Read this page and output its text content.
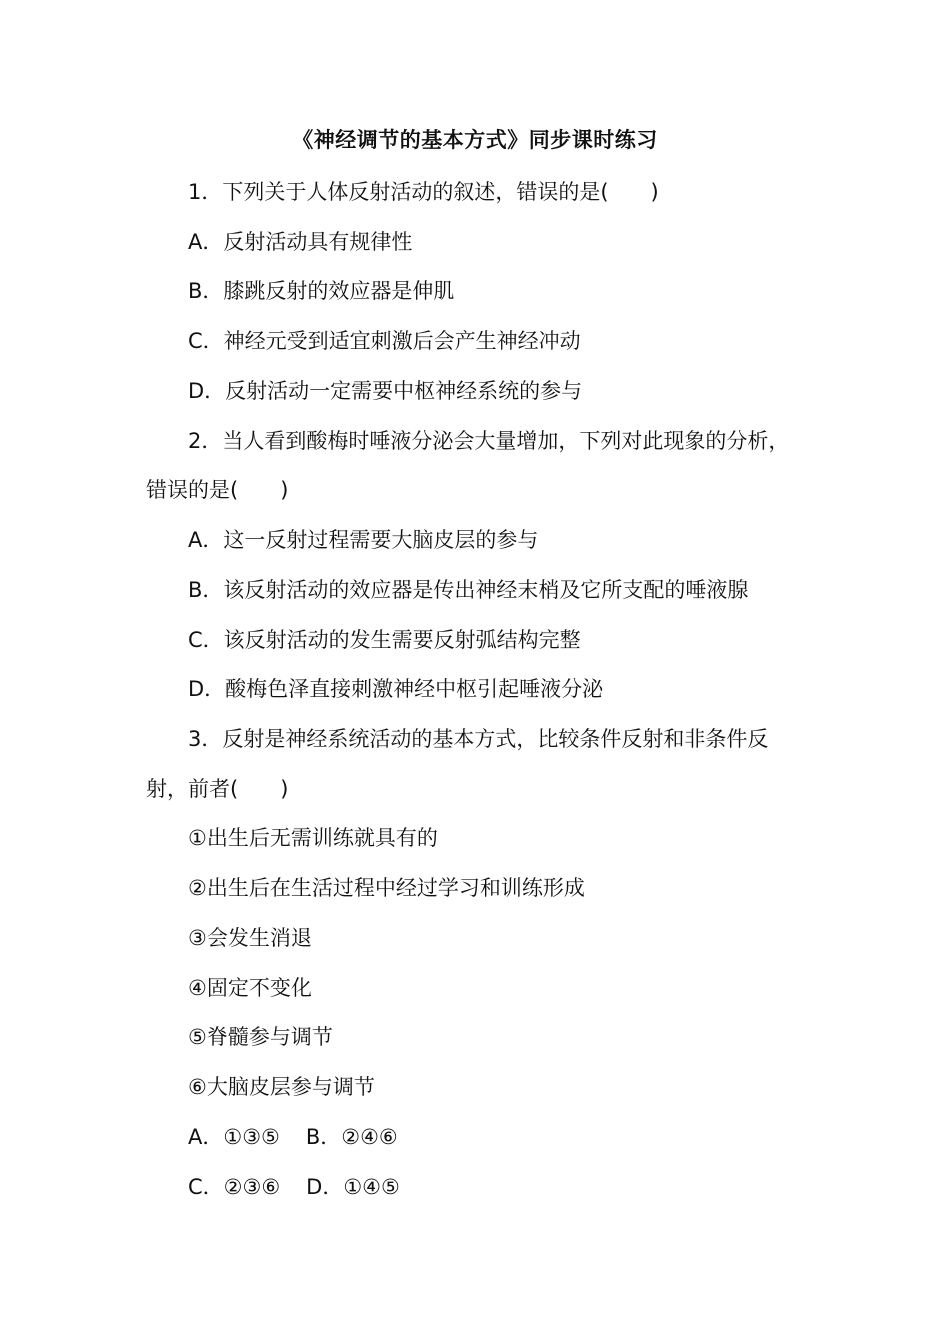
《神经调节的基本方式》同步课时练习
1．下列关于人体反射活动的叙述，错误的是(　　)
A．反射活动具有规律性
B．膝跳反射的效应器是伸肌
C．神经元受到适宜刺激后会产生神经冲动
D．反射活动一定需要中枢神经系统的参与
2．当人看到酸梅时唾液分泌会大量增加，下列对此现象的分析，
错误的是(　　)
A．这一反射过程需要大脑皮层的参与
B．该反射活动的效应器是传出神经末梢及它所支配的唾液腺
C．该反射活动的发生需要反射弧结构完整
D．酸梅色泽直接刺激神经中枢引起唾液分泌
3．反射是神经系统活动的基本方式，比较条件反射和非条件反
射，前者(　　)
①出生后无需训练就具有的
②出生后在生活过程中经过学习和训练形成
③会发生消退
④固定不变化
⑤脊髓参与调节
⑥大脑皮层参与调节
A．①③⑤ B．②④⑥
C．②③⑥ D．①④⑤
